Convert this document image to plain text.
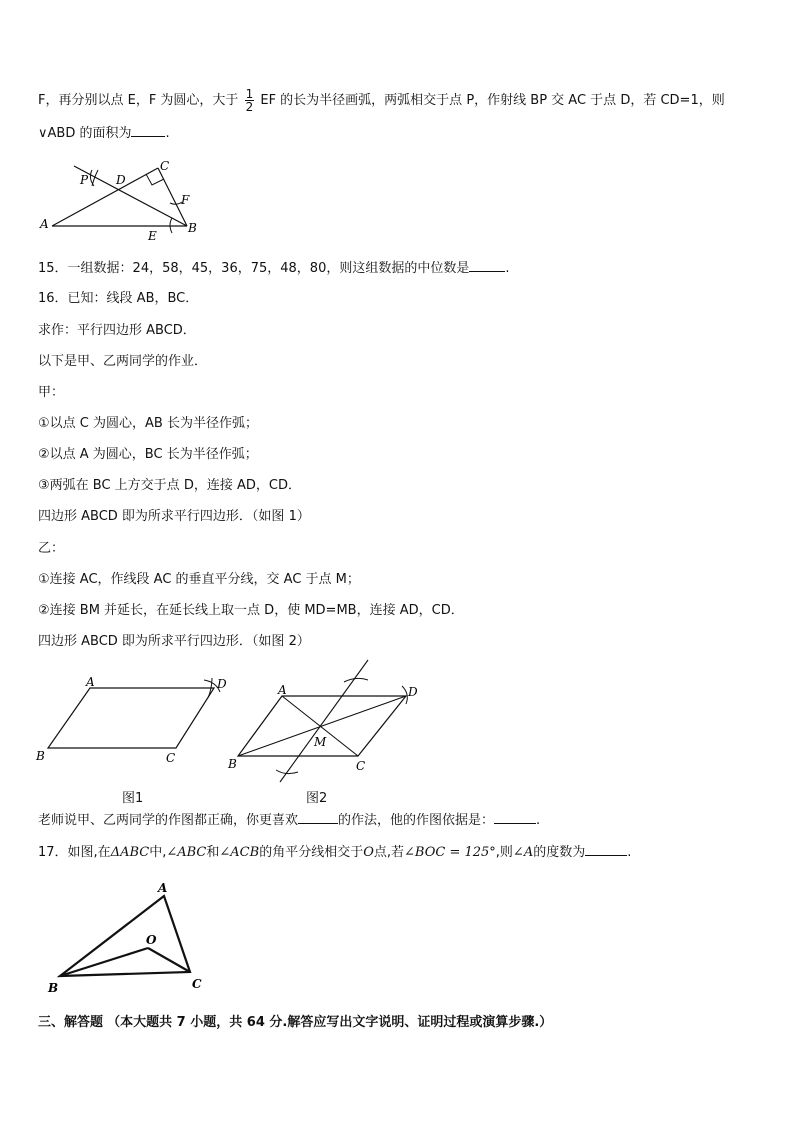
F，再分别以点 E，F 为圆心，大于 $\frac{1}{2}$ EF 的长为半径画弧，两弧相交于点 P，作射线 BP 交 AC 于点 D，若 CD=1，则
∨ABD 的面积为	.
P D
C
F
A
E
B
15．一组数据：24，58，45，36，75，48，80，则这组数据的中位数是	.
16．已知：线段 AB，BC．
求作：平行四边形 ABCD．
以下是甲、乙两同学的作业．
甲：
①以点 C 为圆心，AB 长为半径作弧；
②以点 A 为圆心，BC 长为半径作弧；
③两弧在 BC 上方交于点 D，连接 AD，CD．
四边形 ABCD 即为所求平行四边形．（如图 1）
乙：
①连接 AC，作线段 AC 的垂直平分线，交 AC 于点 M；
②连接 BM 并延长，在延长线上取一点 D，使 MD=MB，连接 AD，CD．
四边形 ABCD 即为所求平行四边形．（如图 2）
A	D
B	C
图1
A	D
B	C
M
图2
老师说甲、乙两同学的作图都正确，你更喜欢	的作法，他的作图依据是：	.
17．如图,在ΔABC中,∠ABC和∠ACB的角平分线相交于O点,若∠BOC = 125°,则∠A的度数为	.
A
O
B	C
三、解答题 （本大题共 7 小题，共 64 分.解答应写出文字说明、证明过程或演算步骤.）
